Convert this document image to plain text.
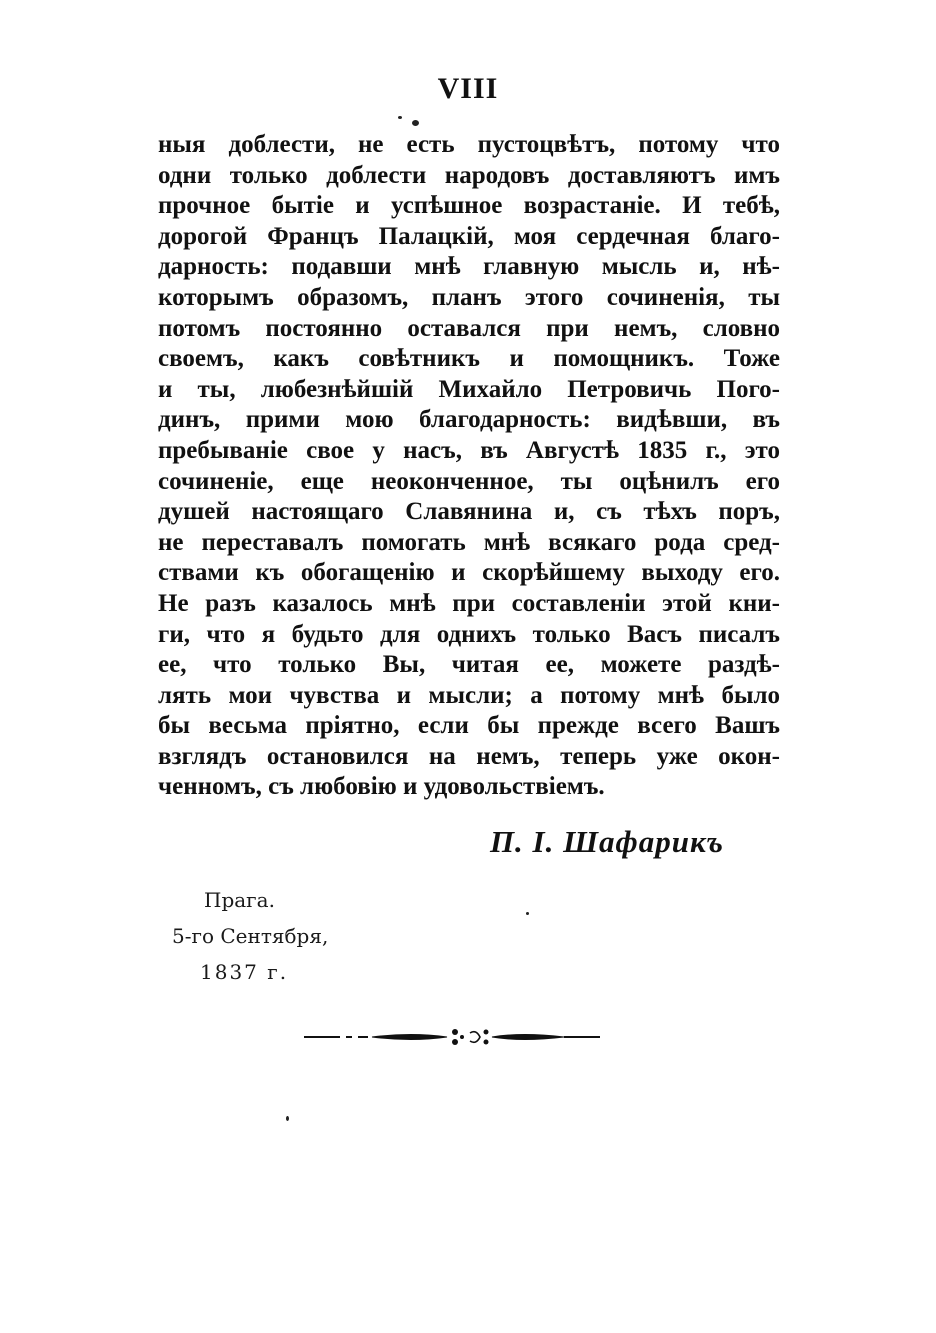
VIII
ныя доблести, не есть пустоцвѣтъ, потому что
одни только доблести народовъ доставляютъ имъ
прочное бытіе и успѣшное возрастаніе. И тебѣ,
дорогой Францъ Палацкій, моя сердечная благо-
дарность: подавши мнѣ главную мысль и, нѣ-
которымъ образомъ, планъ этого сочиненія, ты
потомъ постоянно оставался при немъ, словно
своемъ, какъ совѣтникъ и помощникъ. Тоже
и ты, любезнѣйшій Михайло Петровичь Пого-
динъ, прими мою благодарность: видѣвши, въ
пребываніе свое у насъ, въ Августѣ 1835 г., это
сочиненіе, еще неоконченное, ты оцѣнилъ его
душей настоящаго Славянина и, съ тѣхъ поръ,
не переставалъ помогать мнѣ всякаго рода сред-
ствами къ обогащенію и скорѣйшему выходу его.
Не разъ казалось мнѣ при составленіи этой кни-
ги, что я будьто для однихъ только Васъ писалъ
ее, что только Вы, читая ее, можете раздѣ-
лять мои чувства и мысли; а потому мнѣ было
бы весьма пріятно, если бы прежде всего Вашъ
взглядъ остановился на немъ, теперь уже окон-
ченномъ, съ любовію и удовольствіемъ.
П. I. Шафарикъ
Прага.
5-го Сентября,
1837 г.
